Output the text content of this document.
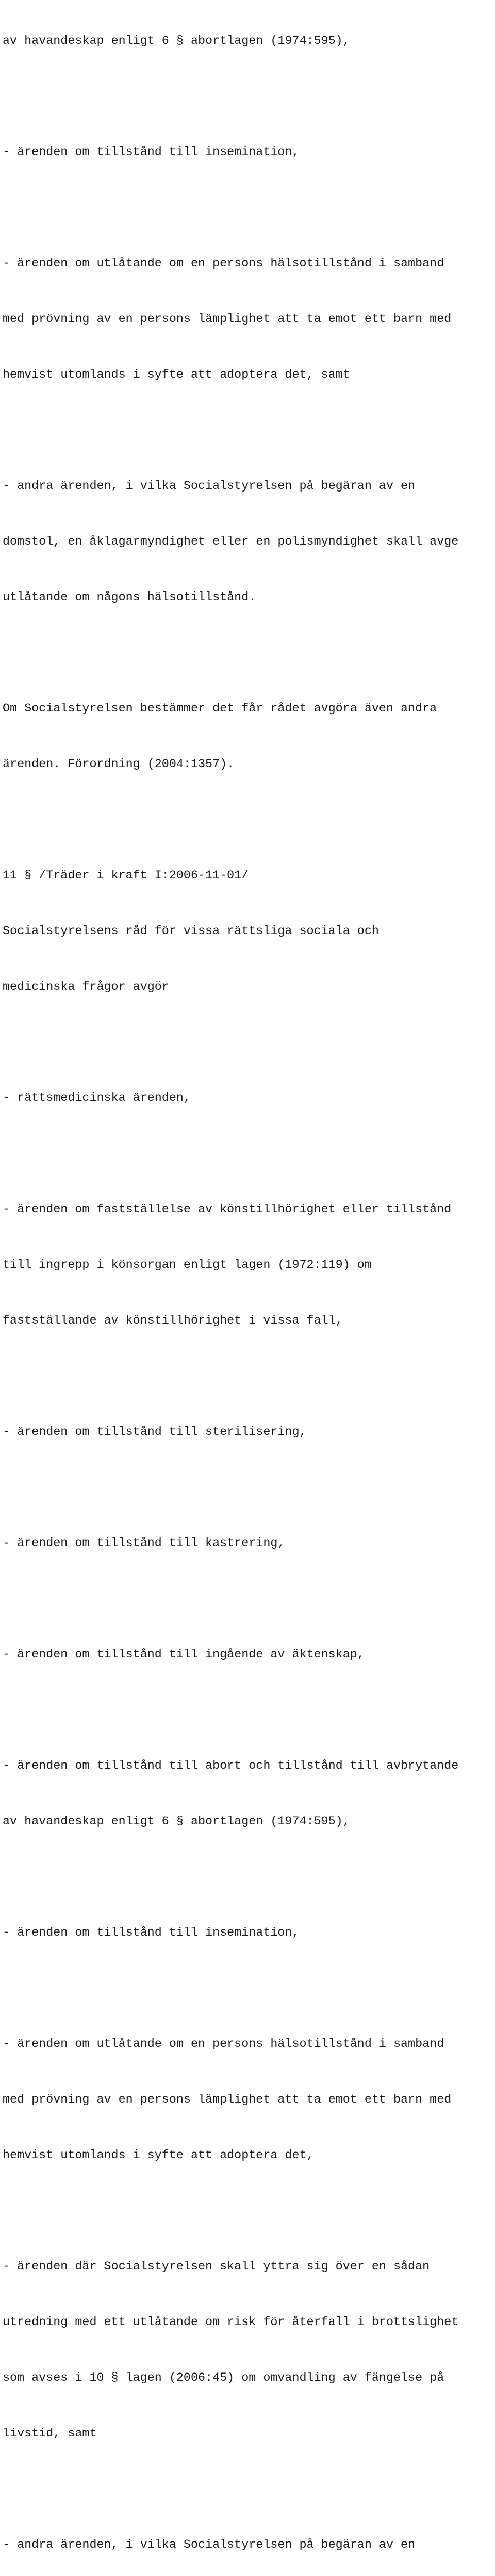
av havandeskap enligt 6 § abortlagen (1974:595),

- ärenden om tillstånd till insemination,

- ärenden om utlåtande om en persons hälsotillstånd i samband

med prövning av en persons lämplighet att ta emot ett barn med

hemvist utomlands i syfte att adoptera det, samt

- andra ärenden, i vilka Socialstyrelsen på begäran av en

domstol, en åklagarmyndighet eller en polismyndighet skall avge

utlåtande om någons hälsotillstånd.

Om Socialstyrelsen bestämmer det får rådet avgöra även andra

ärenden. Förordning (2004:1357).

11 § /Träder i kraft I:2006-11-01/

Socialstyrelsens råd för vissa rättsliga sociala och

medicinska frågor avgör

- rättsmedicinska ärenden,

- ärenden om fastställelse av könstillhörighet eller tillstånd

till ingrepp i könsorgan enligt lagen (1972:119) om

fastställande av könstillhörighet i vissa fall,

- ärenden om tillstånd till sterilisering,

- ärenden om tillstånd till kastrering,

- ärenden om tillstånd till ingående av äktenskap,

- ärenden om tillstånd till abort och tillstånd till avbrytande

av havandeskap enligt 6 § abortlagen (1974:595),

- ärenden om tillstånd till insemination,

- ärenden om utlåtande om en persons hälsotillstånd i samband

med prövning av en persons lämplighet att ta emot ett barn med

hemvist utomlands i syfte att adoptera det,

- ärenden där Socialstyrelsen skall yttra sig över en sådan

utredning med ett utlåtande om risk för återfall i brottslighet

som avses i 10 § lagen (2006:45) om omvandling av fängelse på

livstid, samt

- andra ärenden, i vilka Socialstyrelsen på begäran av en
